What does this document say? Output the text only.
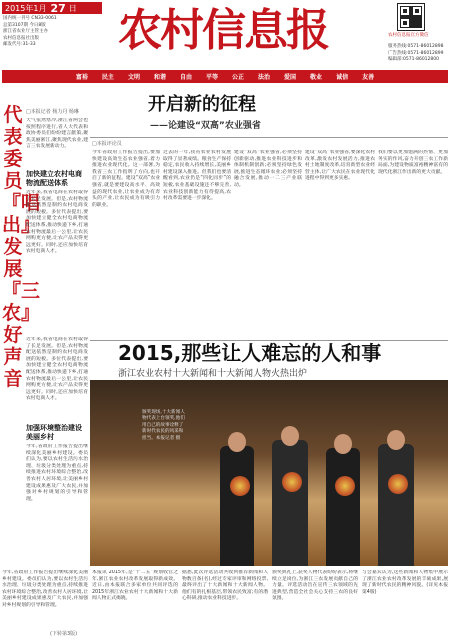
2015年1月 27 日
国内统一刊号 CN33-0061
总第3107期 今日8版
浙江省农业厅主管主办
农村信息报社出版
邮发代号:31-33	农村信息报	农村信息报官方微信
服务热线:0571-86012898
广告热线:0571-86012899
编辑部:0571-86012800
富裕 民主 文明 和谐 自由 平等 公正 法治 爱国 敬业 诚信 友善
代表委员『唱出』发展『三农』好声音
□本报记者 杨力丹 杨琳
天气依然寒冷,浙江省两会也按照程序进行,省人大代表和政协委员们纷纷建言献策,聚焦美丽浙江,聚焦现代农业,建言三农发展新动力。
加快建立农村电商物流配送体系
近年来,我省电商在农村取得了长足发展。但是,农村物流配送依然是制约农村电商发展的短板。多位代表提出,要加快建立健全农村电商物流配送体系,推动快递下乡,打通农村物流最后一公里,让农民网购更方便,让农产品卖得更远更好。同时,还应加快培育农村电商人才。
近年来,我省电商在农村取得了长足发展。但是,农村物流配送依然是制约农村电商发展的短板。多位代表提出,要加快建立健全农村电商物流配送体系,推动快递下乡,打通农村物流最后一公里,让农民网购更方便,让农产品卖得更远更好。同时,还应加快培育农村电商人才。
加强环境整治建设美丽乡村
今年,省政府工作报告提出继续深化美丽乡村建设。委员们认为,要以农村生活污水治理、垃圾分类处理为重点,持续推进农村环境综合整治,改善农村人居环境,让美丽乡村建设成果惠及广大农民,并加强对乡村规划的引导和管理。
今年,省政府工作报告提出继续深化美丽乡村建设。委员们认为,要以农村生活污水治理、垃圾分类处理为重点,持续推进农村环境综合整治,改善农村人居环境,让美丽乡村建设成果惠及广大农民,并加强对乡村规划的引导和管理。
(下转第3版)
开启新的征程
——论建设“双高”农业强省
□本报评论员
今年省政府工作报告提出,要加快建设高效生态农业强省,着力推进农业现代化。这一部署,为我省三农工作指明了方向,也开启了新的征程。建设“双高”农业强省,就是要建设高水平、高效益的现代农业,让农业成为有奔头的产业,让农民成为有吸引力的职业。
过去的一年,我省农业农村发展取得了显著成绩。粮食生产保持稳定,农民收入持续增长,美丽乡村建设深入推进。但我们也要清醒看到,农业仍是“四化同步”的短板,农业基础设施还不够完善,农业科技创新能力有待提高,农村改革需要进一步深化。
建设“双高”农业强省,必须坚持创新驱动,推进农业科技进步和体制机制创新;必须坚持绿色发展,推进生态循环农业;必须坚持融合发展,推动一二三产业联动。
建设“双高”农业强省,要深化农村改革,激发农村发展活力,推进农村土地制度改革,培育新型农业经营主体,让广大农民在农业现代化进程中得到更多实惠。
我们要以更加饱满的热情、更加务实的作风,奋力开创三农工作新局面,为建设物质富裕精神富有的现代化浙江作出新的更大贡献。
2015,那些让人难忘的人和事
浙江农业农村十大新闻和十大新闻人物火热出炉
颁奖现场,十大新闻人物代表上台领奖,他们用自己的故事诠释了新时代农民的风采和担当。本报记者 摄
本报讯 2015年,是“十二五”规划收官之年,浙江农业农村改革发展取得新成效。近日,由本报联合多家单位共同评选的2015年浙江农业农村十大新闻和十大新闻人物正式揭晓。
据悉,此次评选活动共收到推荐新闻和人物数百条(名),经过专家评审和网络投票,最终评出了十大新闻和十大新闻人物。他们有的扎根基层,带领农民致富;有的潜心科研,推动农业科技进步。
颁奖典礼上,获奖人物代表纷纷表示,将继续立足岗位,为浙江三农发展贡献自己的力量。评选活动旨在宣传三农领域的先进典型,营造全社会关心支持三农的良好氛围。
与会嘉宾认为,这些新闻和人物集中展示了浙江农业农村改革发展的丰硕成果,展现了新时代农民的精神风貌。(详见本报第4版)
